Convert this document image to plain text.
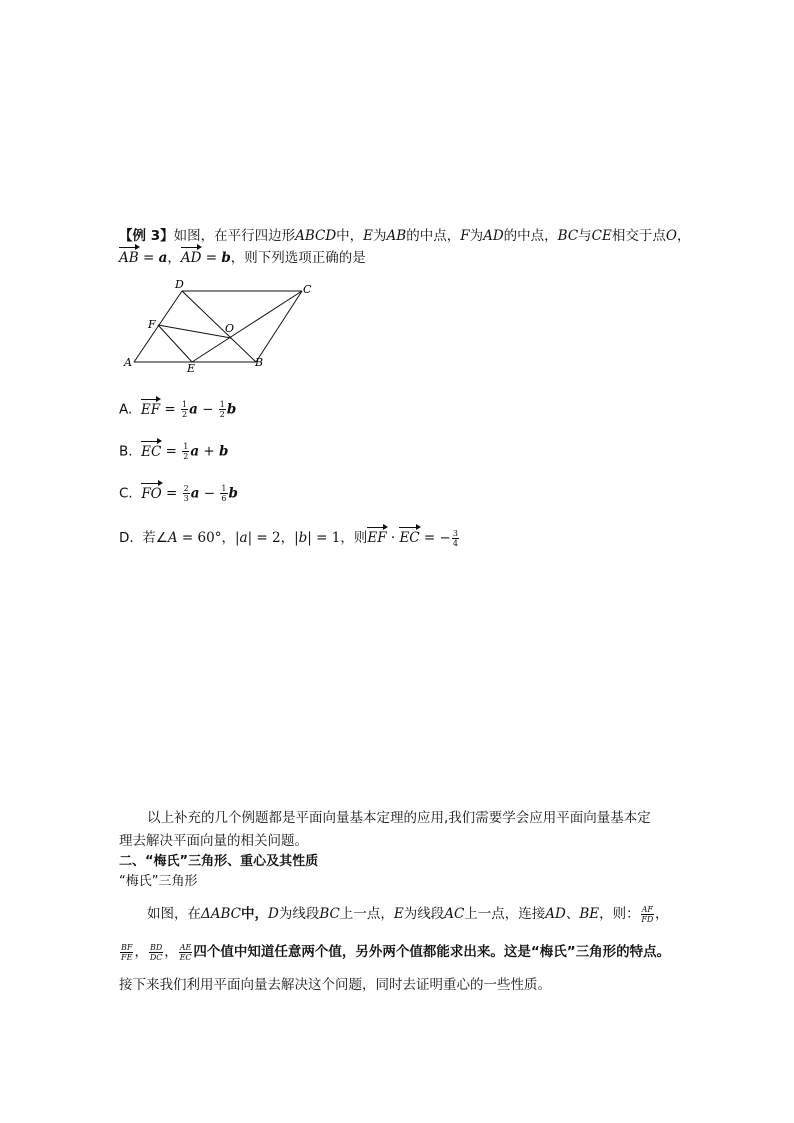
【例 3】如图，在平行四边形ABCD中，E为AB的中点，F为AD的中点，BC与CE相交于点O，
AB = a，AD = b，则下列选项正确的是
A	B
C
D
E
F	O
A. EF = $\frac{1}{2}$ $a - \frac{1}{2}$ b
B. EC = $\frac{1}{2}$ a + b
C. FO = $\frac{2}{3}$ $a - \frac{1}{6}$ b
D. 若∠A = 60°，|a| = 2，|b| = 1，则EF · EC = − $\frac{3}{4}$
以上补充的几个例题都是平面向量基本定理的应用,我们需要学会应用平面向量基本定
理去解决平面向量的相关问题。
二、“梅氏”三角形、重心及其性质
“梅氏”三角形
如图，在ΔABC中，D为线段BC上一点，E为线段AC上一点，连接AD、BE，则： $\frac{AF}{FD}$ ，
$\frac{BF}{FE}$ ， $\frac{BD}{DC}$ ， $\frac{AE}{EC}$ 四个值中知道任意两个值，另外两个值都能求出来。这是“梅氏”三角形的特点。
接下来我们利用平面向量去解决这个问题，同时去证明重心的一些性质。
